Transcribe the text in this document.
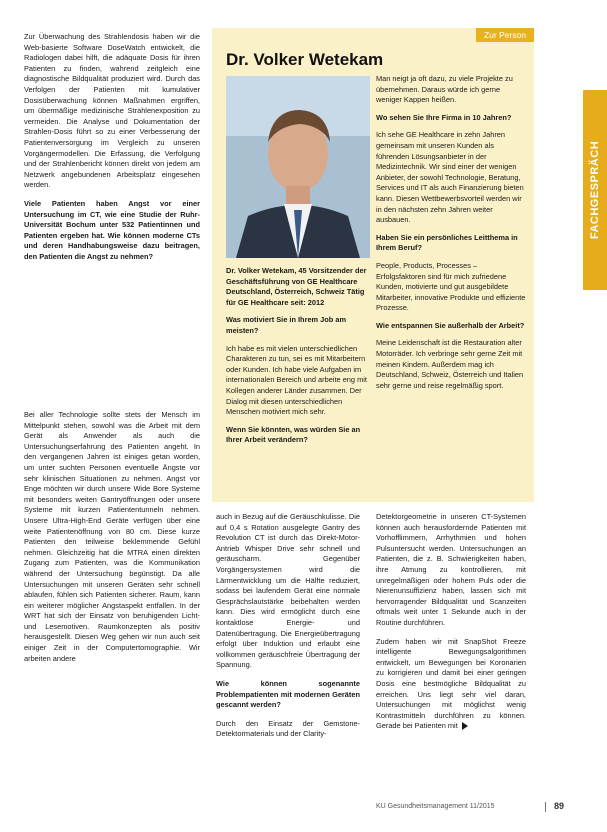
Zur Überwachung des Strahlendosis haben wir die Web-basierte Software DoseWatch entwickelt, die Radiologen dabei hilft, die adäquate Dosis für ihren Patienten zu finden, wahrend zeitgleich eine diagnostische Bildqualität produziert wird. Durch das Verfolgen der Patienten mit kumulativer Dosisüberwachung können Maßnahmen ergriffen, um übermäßige medizinische Strahlenexposition zu vermeiden. Die Analyse und Dokumentation der Strahlen-Dosis führt so zu einer Verbesserung der Patientenversorgung im Vergleich zu unseren Vorgängermodellen. Die Erfassung, die Verfolgung und der Strahlenbericht können direkt von jedem am Netzwerk angebundenen Arbeitsplatz eingesehen werden.

Viele Patienten haben Angst vor einer Untersuchung im CT, wie eine Studie der Ruhr-Universität Bochum unter 532 Patientinnen und Patienten ergeben hat. Wie können moderne CTs und deren Handhabungsweise dazu beitragen, den Patienten die Angst zu nehmen?

Bei aller Technologie sollte stets der Mensch im Mittelpunkt stehen, sowohl was die Arbeit mit dem Gerät als Anwender als auch die Untersuchungserfahrung des Patienten angeht. In den vergangenen Jahren ist einiges getan worden, um unter suchten Personen eventuelle Ängste vor sehr klinischen Situationen zu nehmen. Angst vor Enge möchten wir durch unsere Wide Bore Systeme mit besonders weiten Gantryöffnungen oder unsere Systeme mit kurzen Patiententunneln nehmen. Unsere Ultra-High-End Geräte verfügen über eine weite Patientenöffnung von 80 cm. Diese kurze Patienten den teilweise beklemmende Gefühl nehmen. Gleichzeitig hat die MTRA einen direkten Zugang zum Patienten, was die Kommunikation während der Untersuchung begünstigt. Da alle Untersuchungen mit unseren Geräten sehr schnell ablaufen, fühlen sich Patienten sicherer. Raum, kann ein weiterer möglicher Angstaspekt entfallen. In der WRT hat sich der Einsatz von beruhigenden Licht- und Lesemotiven. Raumkonzepten als positiv herausgestellt. Diesen Weg gehen wir nun auch seit einiger Zeit in der Computertomographie. Wir arbeiten andere

Zur Person
Dr. Volker Wetekam

Dr. Volker Wetekam, 45 Vorsitzender der Geschäftsführung von GE Healthcare Deutschland, Österreich, Schweiz Tätig für GE Healthcare seit: 2012

Was motiviert Sie in Ihrem Job am meisten?

Ich habe es mit vielen unterschiedlichen Charakteren zu tun, sei es mit Mitarbeitern oder Kunden. Ich habe viele Aufgaben im internationalen Bereich und arbeite eng mit Kollegen anderer Länder zusammen. Der Dialog mit diesen unterschiedlichen Menschen motiviert mich sehr.

Wenn Sie könnten, was würden Sie an Ihrer Arbeit verändern?

Man neigt ja oft dazu, zu viele Projekte zu übernehmen. Daraus würde ich gerne weniger Kappen heißen.

Wo sehen Sie Ihre Firma in 10 Jahren?

Ich sehe GE Healthcare in zehn Jahren gemeinsam mit unseren Kunden als führenden Lösungsanbieter in der Medizintechnik. Wir sind einer der wenigen Anbieter, der sowohl Technologie, Beratung, Services und IT als auch Finanzierung bieten kann. Diesen Wettbewerbsvorteil werden wir in den nächsten zehn Jahren weiter ausbauen.

Haben Sie ein persönliches Leitthema in Ihrem Beruf?

People, Products, Processes – Erfolgsfaktoren sind für mich zufriedene Kunden, motivierte und gut ausgebildete Mitarbeiter, innovative Produkte und effiziente Prozesse.

Wie entspannen Sie außerhalb der Arbeit?

Meine Leidenschaft ist die Restauration alter Motorräder. Ich verbringe sehr gerne Zeit mit meinen Kindern. Außerdem mag ich Deutschland, Schweiz, Österreich und Italien sehr gerne und reise regelmäßig sport.

auch in Bezug auf die Geräuschkulisse. Die auf 0,4 s Rotation ausgelegte Gantry des Revolution CT ist durch das Direkt-Motor-Antrieb Whisper Drive sehr schnell und geräuscharm. Gegenüber Vorgängersystemen wird die Lärmentwicklung um die Hälfte reduziert, sodass bei laufendem Gerät eine normale Gesprächslautstärke beibehalten werden kann. Dies wird ermöglicht durch eine kontaktlose Energie- und Datenübertragung. Die Energieübertragung erfolgt über Induktion und erlaubt eine vollkommen geräuschfreie Übertragung der Spannung.

Wie können sogenannte Problempatienten mit modernen Geräten gescannt werden?

Durch den Einsatz der Gemstone-Detektormaterials und der Clarity-

Detektorgeometrie in unseren CT-Systemen können auch herausfordernde Patienten mit Vorhofflimmern, Arrhythmien und hohen Pulsuntersucht werden. Untersuchungen an Patienten, die z. B. Schwierigkeiten haben, ihre Atmung zu kontrollieren, mit unregelmäßigen oder hohem Puls oder die Nierenunsuffizienz haben, lassen sich mit hervorragender Bildqualität und Scanzeiten oftmals weit unter 1 Sekunde auch in der Routine durchführen.

Zudem haben wir mit SnapShot Freeze intelligente Bewegungsalgorithmen entwickelt, um Bewegungen bei Koronarien zu korrigieren und damit bei einer geringen Dosis eine bestmögliche Bildqualität zu erreichen. Uns liegt sehr viel daran, Untersuchungen mit möglichst wenig Kontrastmitteln durchführen zu können. Gerade bei Patienten mit

FACHGESPRÄCH
KU Gesundheitsmanagement 11/2015	89
